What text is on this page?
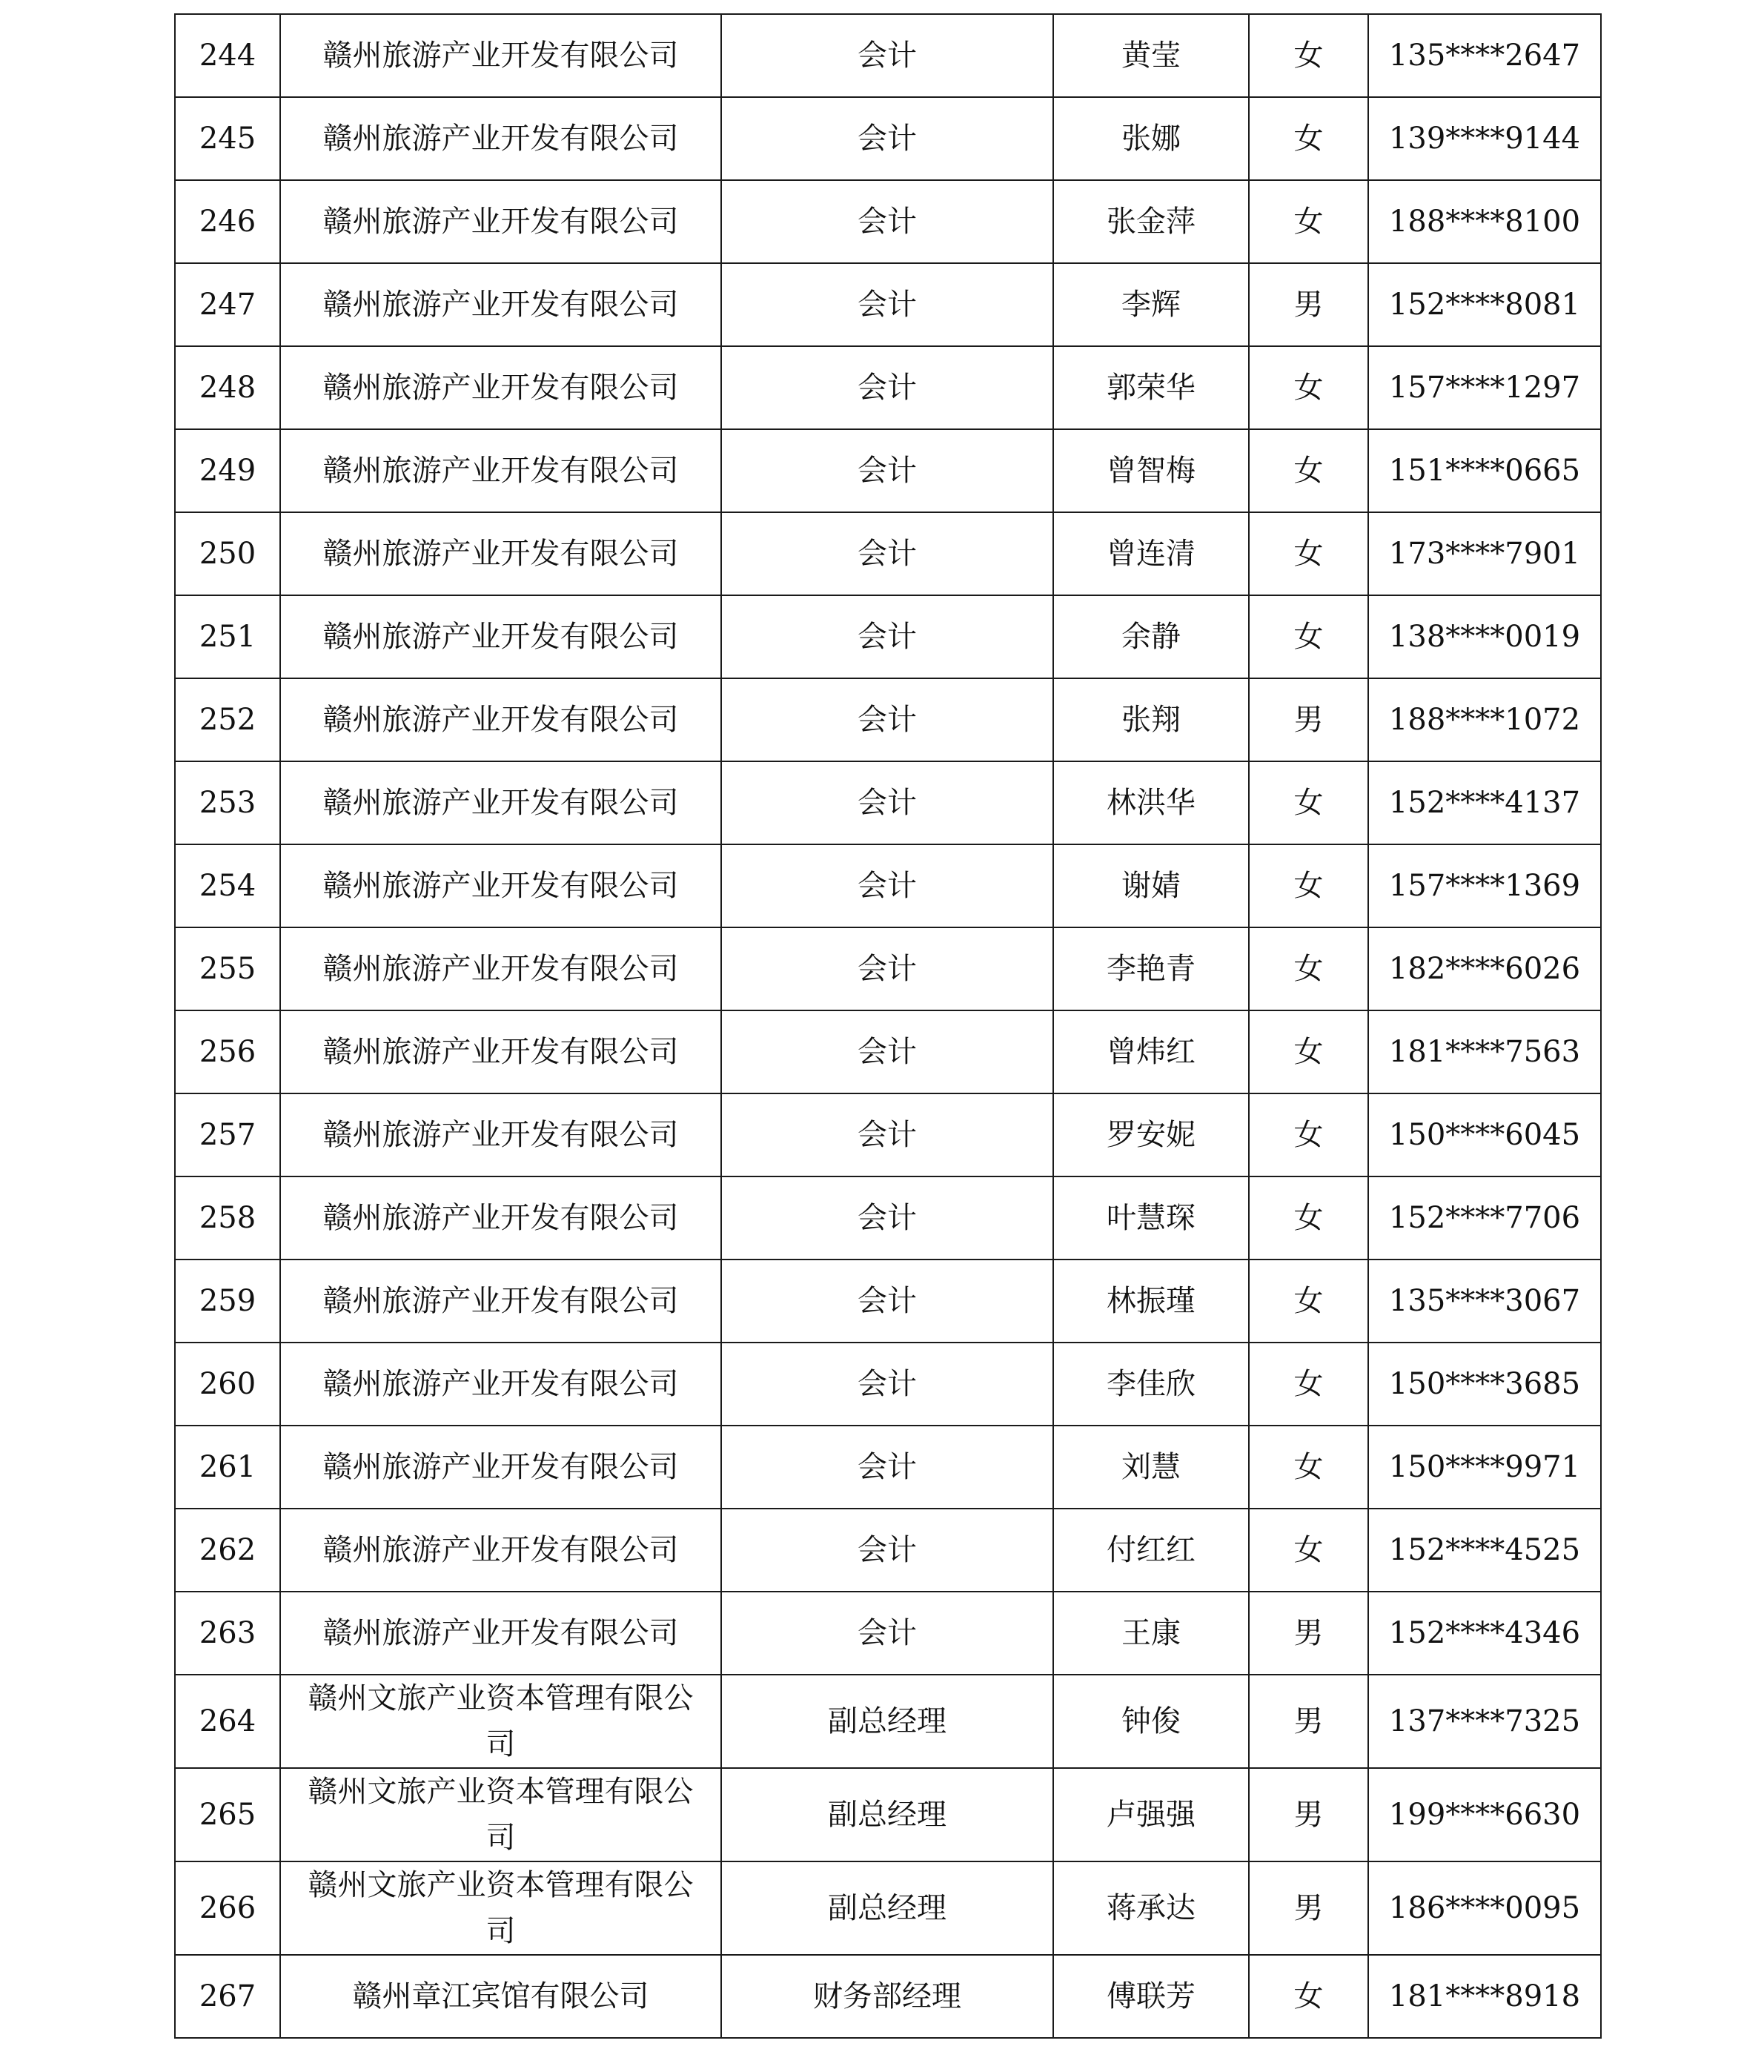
244	赣州旅游产业开发有限公司	会计	黄莹	女	135****2647
245	赣州旅游产业开发有限公司	会计	张娜	女	139****9144
246	赣州旅游产业开发有限公司	会计	张金萍	女	188****8100
247	赣州旅游产业开发有限公司	会计	李辉	男	152****8081
248	赣州旅游产业开发有限公司	会计	郭荣华	女	157****1297
249	赣州旅游产业开发有限公司	会计	曾智梅	女	151****0665
250	赣州旅游产业开发有限公司	会计	曾连清	女	173****7901
251	赣州旅游产业开发有限公司	会计	余静	女	138****0019
252	赣州旅游产业开发有限公司	会计	张翔	男	188****1072
253	赣州旅游产业开发有限公司	会计	林洪华	女	152****4137
254	赣州旅游产业开发有限公司	会计	谢婧	女	157****1369
255	赣州旅游产业开发有限公司	会计	李艳青	女	182****6026
256	赣州旅游产业开发有限公司	会计	曾炜红	女	181****7563
257	赣州旅游产业开发有限公司	会计	罗安妮	女	150****6045
258	赣州旅游产业开发有限公司	会计	叶慧琛	女	152****7706
259	赣州旅游产业开发有限公司	会计	林振瑾	女	135****3067
260	赣州旅游产业开发有限公司	会计	李佳欣	女	150****3685
261	赣州旅游产业开发有限公司	会计	刘慧	女	150****9971
262	赣州旅游产业开发有限公司	会计	付红红	女	152****4525
263	赣州旅游产业开发有限公司	会计	王康	男	152****4346
264	赣州文旅产业资本管理有限公司	副总经理	钟俊	男	137****7325
265	赣州文旅产业资本管理有限公司	副总经理	卢强强	男	199****6630
266	赣州文旅产业资本管理有限公司	副总经理	蒋承达	男	186****0095
267	赣州章江宾馆有限公司	财务部经理	傅联芳	女	181****8918
